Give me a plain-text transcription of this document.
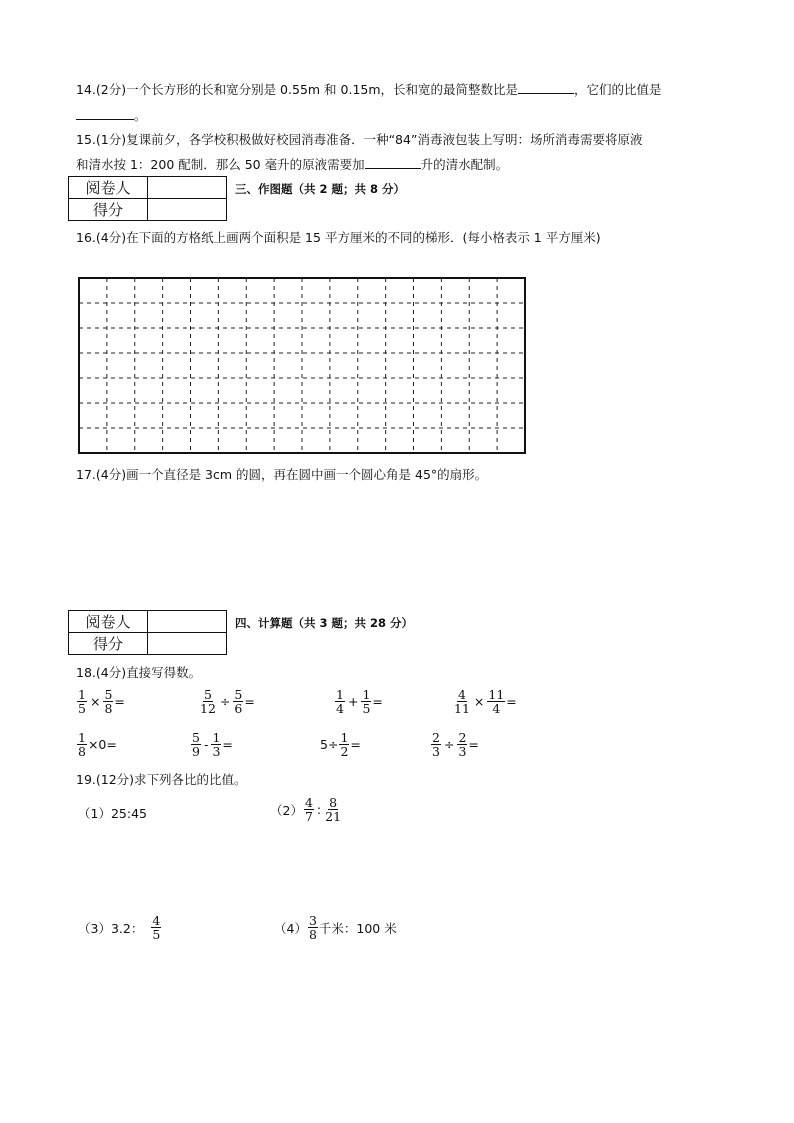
14.(2分)一个长方形的长和宽分别是 0.55m 和 0.15m，长和宽的最简整数比是	，它们的比值是
。
15.(1分)复课前夕，各学校积极做好校园消毒准备．一种“84”消毒液包装上写明：场所消毒需要将原液
和清水按 1：200 配制．那么 50 毫升的原液需要加	升的清水配制。
阅卷人	
得分	
三、作图题（共 2 题；共 8 分）
16.(4分)在下面的方格纸上画两个面积是 15 平方厘米的不同的梯形．(每小格表示 1 平方厘米)
17.(4分)画一个直径是 3cm 的圆，再在圆中画一个圆心角是 45°的扇形。
阅卷人	
得分	
四、计算题（共 3 题；共 28 分）
18.(4分)直接写得数。
$\frac{1}{5} \times \frac{5}{8}$ =	$\frac{5}{12} \div \frac{5}{6}$ =	$\frac{1}{4} + \frac{1}{5}$ =	$\frac{4}{11} \times \frac{11}{4}$ =
$\frac{1}{8} \times 0=$	$\frac{5}{9} - \frac{1}{3}$ =	$5\div \frac{1}{2}$ =	$\frac{2}{3} \div \frac{2}{3}$ =
19.(12分)求下列各比的比值。
（1）25:45	$(2) \frac{4}{7}$ : $\frac{8}{21}$
（3）3.2： $\frac{4}{5}$	$(4) \frac{3}{8}$ 千米：100 米
